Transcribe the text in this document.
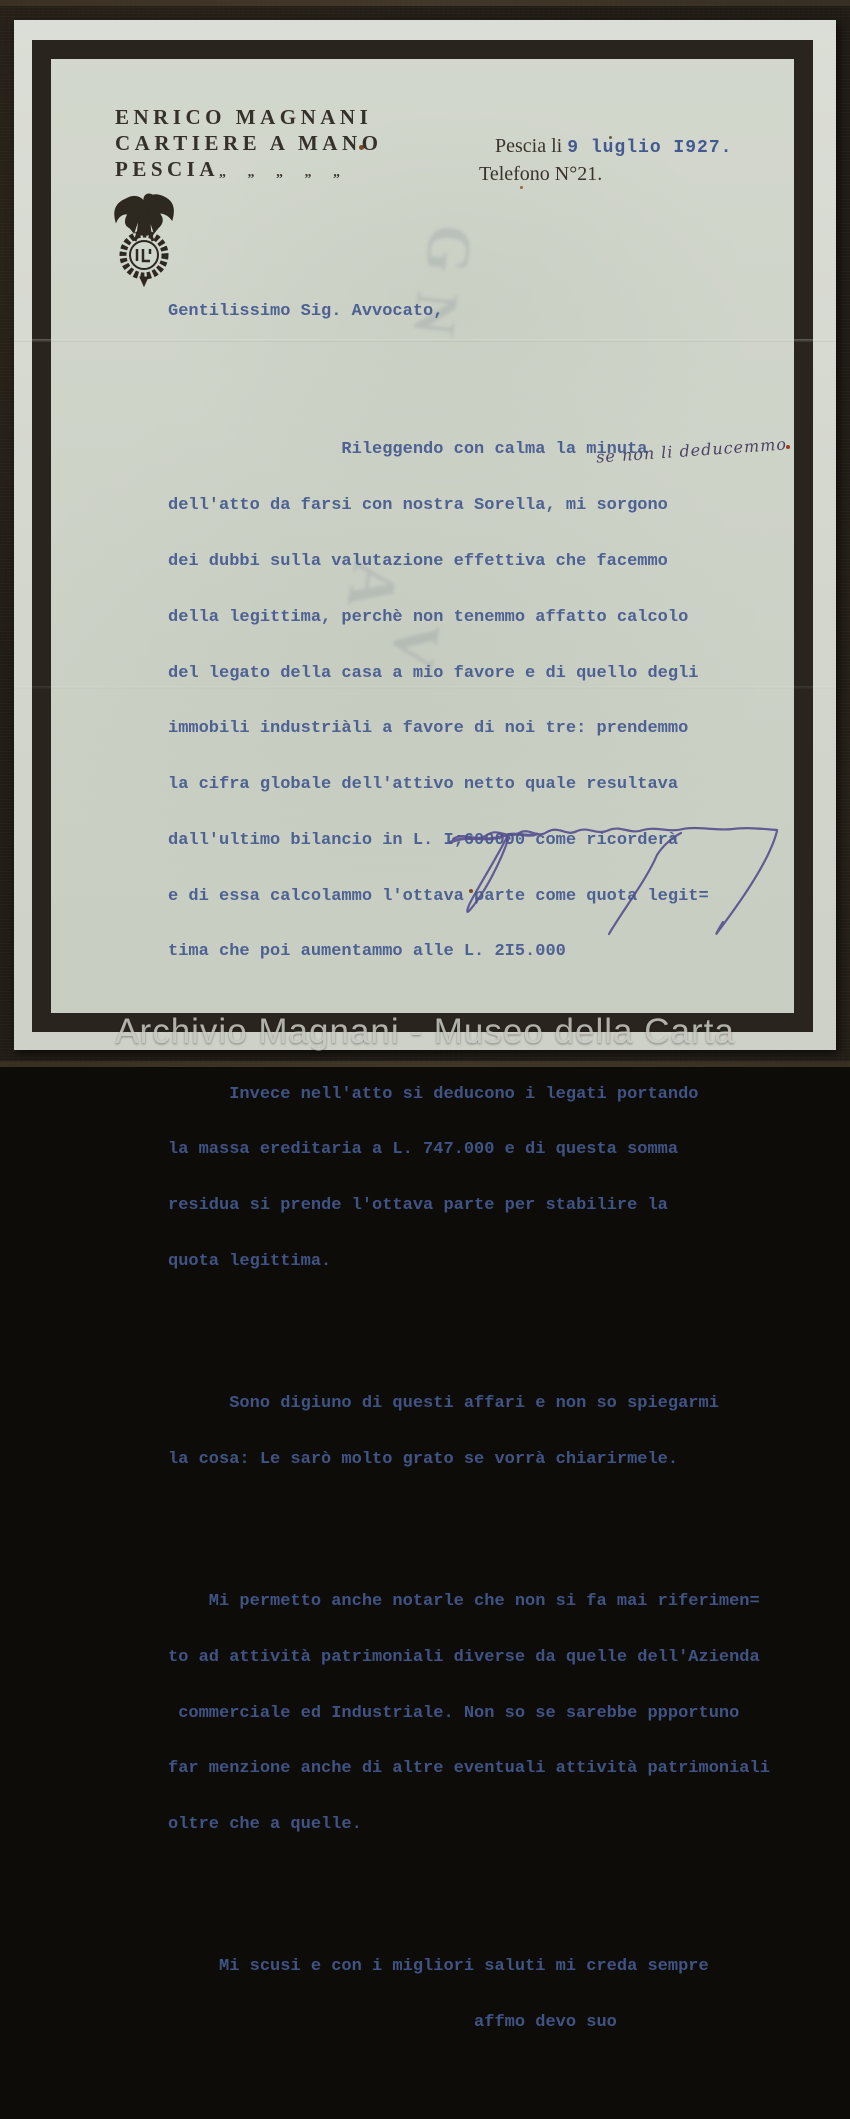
G
N
A
V
ENRICO MAGNANI
CARTIERE A MANO
PESCIA„ „ „ „ „
Pescia li 9 luglio I927.
Telefono N°21.
Gentilissimo Sig. Avvocato,

Rileggendo con calma la minuta

dell'atto da farsi con nostra Sorella, mi sorgono

dei dubbi sulla valutazione effettiva che facemmo

della legittima, perchè non tenemmo affatto calcolo

del legato della casa a mio favore e di quello degli

immobili industriàli a favore di noi tre: prendemmo

la cifra globale dell'attivo netto quale resultava

dall'ultimo bilancio in L. I;600000 come ricorderà

e di essa calcolammo l'ottava parte come quota legit=

tima che poi aumentammo alle L. 2I5.000

Invece nell'atto si deducono i legati portando

la massa ereditaria a L. 747.000 e di questa somma

residua si prende l'ottava parte per stabilire la

quota legittima.

Sono digiuno di questi affari e non so spiegarmi

la cosa: Le sarò molto grato se vorrà chiarirmele.

Mi permetto anche notarle che non si fa mai riferimen=

to ad attività patrimoniali diverse da quelle dell'Azienda

commerciale ed Industriale. Non so se sarebbe ppportuno

far menzione anche di altre eventuali attività patrimoniali

oltre che a quelle.

Mi scusi e con i migliori saluti mi creda sempre

affmo devo suo

se non li deducemmo
Archivio Magnani - Museo della Carta
